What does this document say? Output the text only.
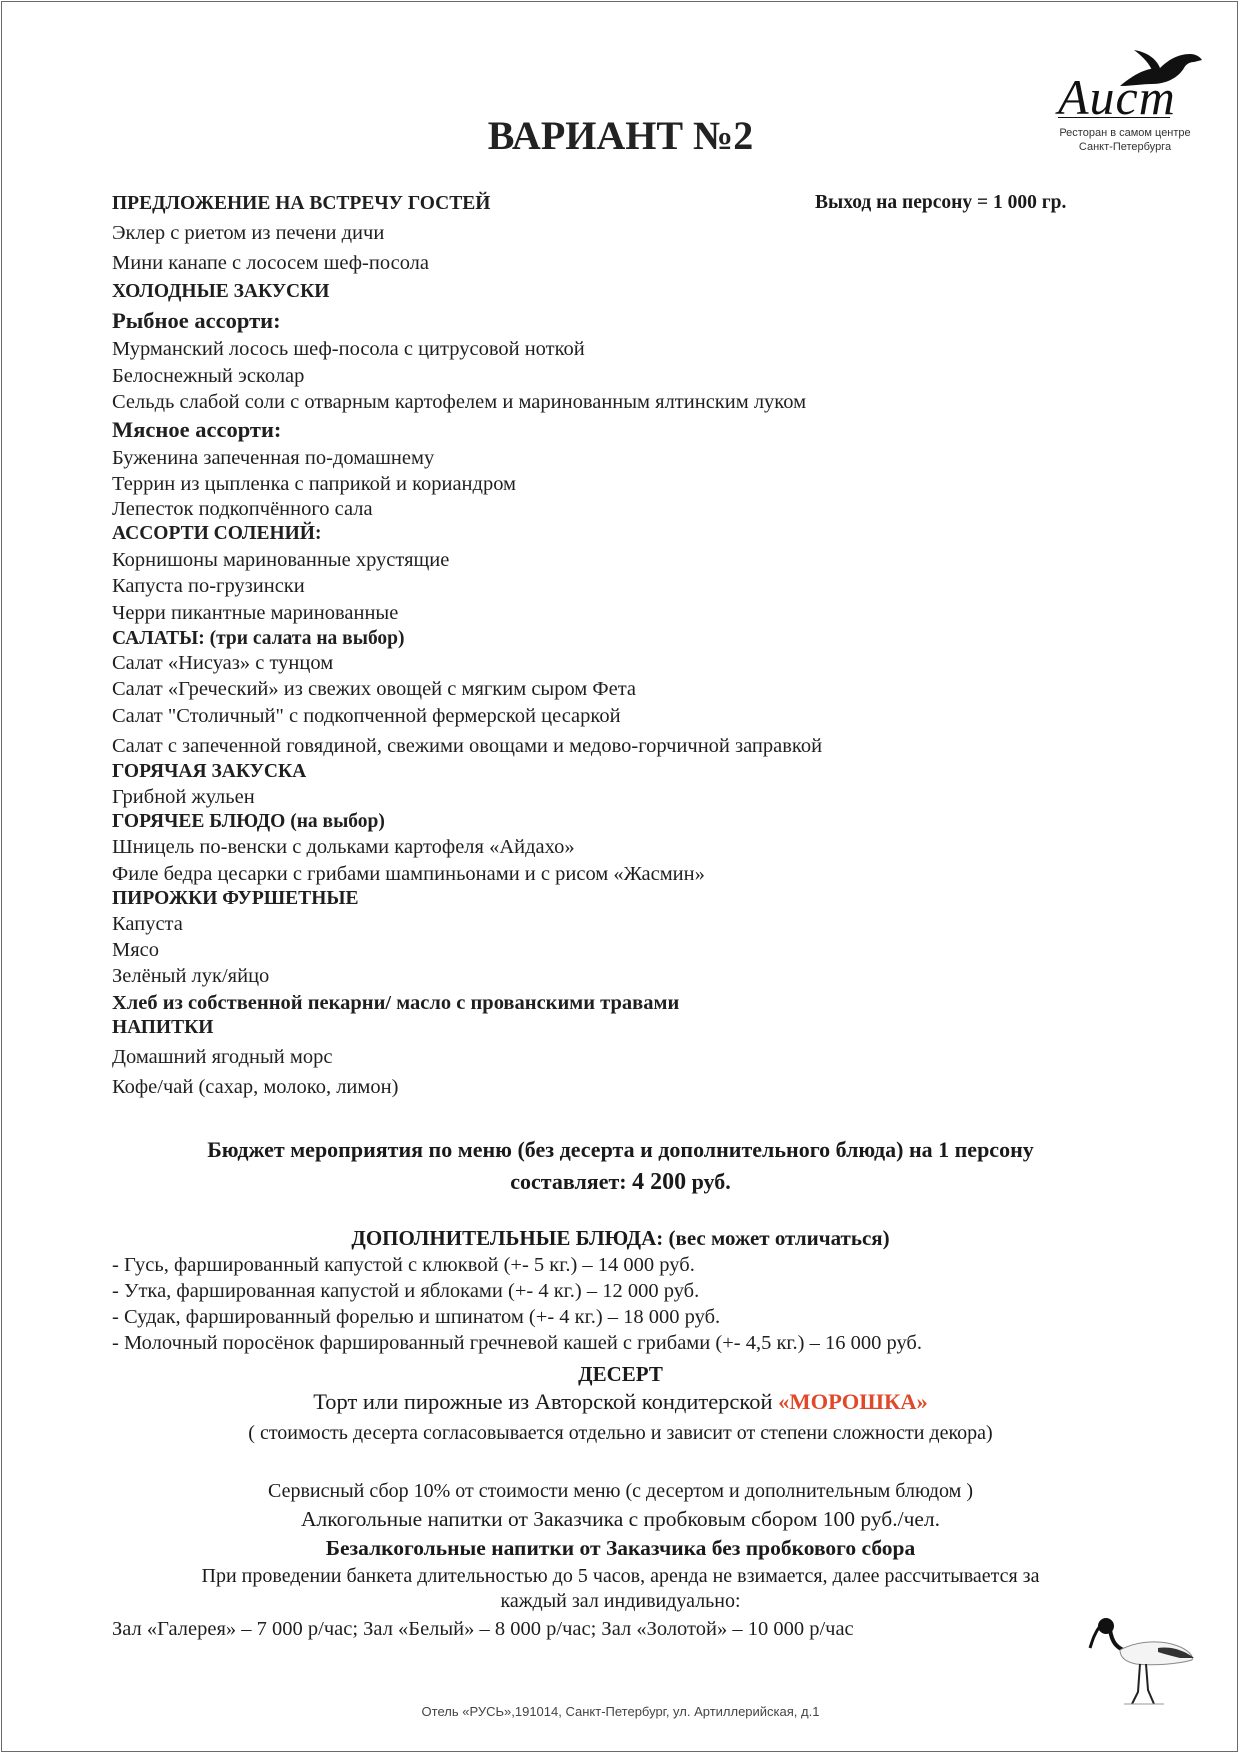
Аист
Ресторан в самом центре
Санкт-Петербурга
ВАРИАНТ №2
Выход на персону = 1 000 гр.
ПРЕДЛОЖЕНИЕ НА ВСТРЕЧУ ГОСТЕЙ
Эклер с риетом из печени дичи
Мини канапе с лососем шеф-посола
ХОЛОДНЫЕ ЗАКУСКИ
Рыбное ассорти:
Мурманский лосось шеф-посола с цитрусовой ноткой
Белоснежный эсколар
Сельдь слабой соли с отварным картофелем и маринованным ялтинским луком
Мясное ассорти:
Буженина запеченная по-домашнему
Террин из цыпленка с паприкой и кориандром
Лепесток подкопчённого сала
АССОРТИ СОЛЕНИЙ:
Корнишоны маринованные хрустящие
Капуста по-грузински
Черри пикантные маринованные
САЛАТЫ: (три салата на выбор)
Салат «Нисуаз» с тунцом
Салат «Греческий» из свежих овощей с мягким сыром Фета
Салат "Столичный" с подкопченной фермерской цесаркой
Салат с запеченной говядиной, свежими овощами и медово-горчичной заправкой
ГОРЯЧАЯ ЗАКУСКА
Грибной жульен
ГОРЯЧЕЕ БЛЮДО (на выбор)
Шницель по-венски с дольками картофеля «Айдахо»
Филе бедра цесарки с грибами шампиньонами и с рисом «Жасмин»
ПИРОЖКИ ФУРШЕТНЫЕ
Капуста
Мясо
Зелёный лук/яйцо
Хлеб из собственной пекарни/ масло с прованскими травами
НАПИТКИ
Домашний ягодный морс
Кофе/чай (сахар, молоко, лимон)
Бюджет мероприятия по меню (без десерта и дополнительного блюда) на 1 персону
составляет: 4 200 руб.
ДОПОЛНИТЕЛЬНЫЕ БЛЮДА: (вес может отличаться)
- Гусь, фаршированный капустой с клюквой (+- 5 кг.) – 14 000 руб.
- Утка, фаршированная капустой и яблоками (+- 4 кг.) – 12 000 руб.
- Судак, фаршированный форелью и шпинатом (+- 4 кг.) – 18 000 руб.
- Молочный поросёнок фаршированный гречневой кашей с грибами (+- 4,5 кг.) – 16 000 руб.
ДЕСЕРТ
Торт или пирожные из Авторской кондитерской «МОРОШКА»
( стоимость десерта согласовывается отдельно и зависит от степени сложности декора)
Сервисный сбор 10% от стоимости меню (с десертом и дополнительным блюдом )
Алкогольные напитки от Заказчика с пробковым сбором 100 руб./чел.
Безалкогольные напитки от Заказчика без пробкового сбора
При проведении банкета длительностью до 5 часов, аренда не взимается, далее рассчитывается за
каждый зал индивидуально:
Зал «Галерея» – 7 000 р/час; Зал «Белый» – 8 000 р/час; Зал «Золотой» – 10 000 р/час
Отель «РУСЬ»,191014, Санкт-Петербург, ул. Артиллерийская, д.1
